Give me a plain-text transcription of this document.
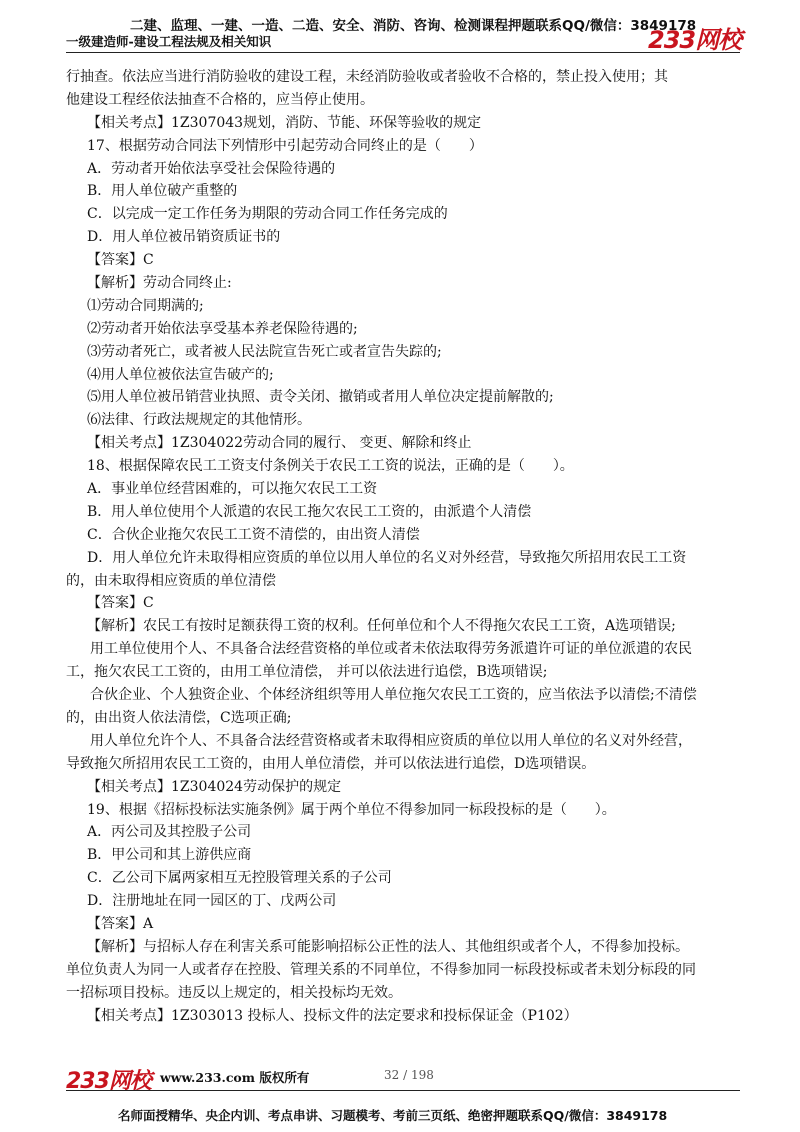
二建、监理、一建、一造、二造、安全、消防、咨询、检测课程押题联系QQ/微信：3849178
一级建造师-建设工程法规及相关知识	233网校
行抽查。依法应当进行消防验收的建设工程，未经消防验收或者验收不合格的，禁止投入使用；其
他建设工程经依法抽查不合格的，应当停止使用。
【相关考点】1Z307043规划，消防、节能、环保等验收的规定
17、根据劳动合同法下列情形中引起劳动合同终止的是（　　）
A．劳动者开始依法享受社会保险待遇的
B．用人单位破产重整的
C．以完成一定工作任务为期限的劳动合同工作任务完成的
D．用人单位被吊销资质证书的
【答案】C
【解析】劳动合同终止:
⑴劳动合同期满的;
⑵劳动者开始依法享受基本养老保险待遇的;
⑶劳动者死亡，或者被人民法院宣告死亡或者宣告失踪的;
⑷用人单位被依法宣告破产的;
⑸用人单位被吊销营业执照、责令关闭、撤销或者用人单位决定提前解散的;
⑹法律、行政法规规定的其他情形。
【相关考点】1Z304022劳动合同的履行、 变更、解除和终止
18、根据保障农民工工资支付条例关于农民工工资的说法，正确的是（　　）。
A．事业单位经营困难的，可以拖欠农民工工资
B．用人单位使用个人派遣的农民工拖欠农民工工资的，由派遣个人清偿
C．合伙企业拖欠农民工工资不清偿的，由出资人清偿
D．用人单位允许未取得相应资质的单位以用人单位的名义对外经营，导致拖欠所招用农民工工资
的，由未取得相应资质的单位清偿
【答案】C
【解析】农民工有按时足额获得工资的权利。任何单位和个人不得拖欠农民工工资，A选项错误;
用工单位使用个人、不具备合法经营资格的单位或者未依法取得劳务派遣许可证的单位派遣的农民
工，拖欠农民工工资的，由用工单位清偿， 并可以依法进行追偿，B选项错误;
合伙企业、个人独资企业、个体经济组织等用人单位拖欠农民工工资的，应当依法予以清偿;不清偿
的，由出资人依法清偿，C选项正确;
用人单位允许个人、不具备合法经营资格或者未取得相应资质的单位以用人单位的名义对外经营，
导致拖欠所招用农民工工资的，由用人单位清偿，并可以依法进行追偿，D选项错误。
【相关考点】1Z304024劳动保护的规定
19、根据《招标投标法实施条例》属于两个单位不得参加同一标段投标的是（　　）。
A．丙公司及其控股子公司
B．甲公司和其上游供应商
C．乙公司下属两家相互无控股管理关系的子公司
D．注册地址在同一园区的丁、戊两公司
【答案】A
【解析】与招标人存在利害关系可能影响招标公正性的法人、其他组织或者个人，不得参加投标。
单位负责人为同一人或者存在控股、管理关系的不同单位，不得参加同一标段投标或者未划分标段的同
一招标项目投标。违反以上规定的，相关投标均无效。
【相关考点】1Z303013 投标人、投标文件的法定要求和投标保证金（P102）
233网校 www.233.com 版权所有	32 / 198
名师面授精华、央企内训、考点串讲、习题模考、考前三页纸、绝密押题联系QQ/微信：3849178
